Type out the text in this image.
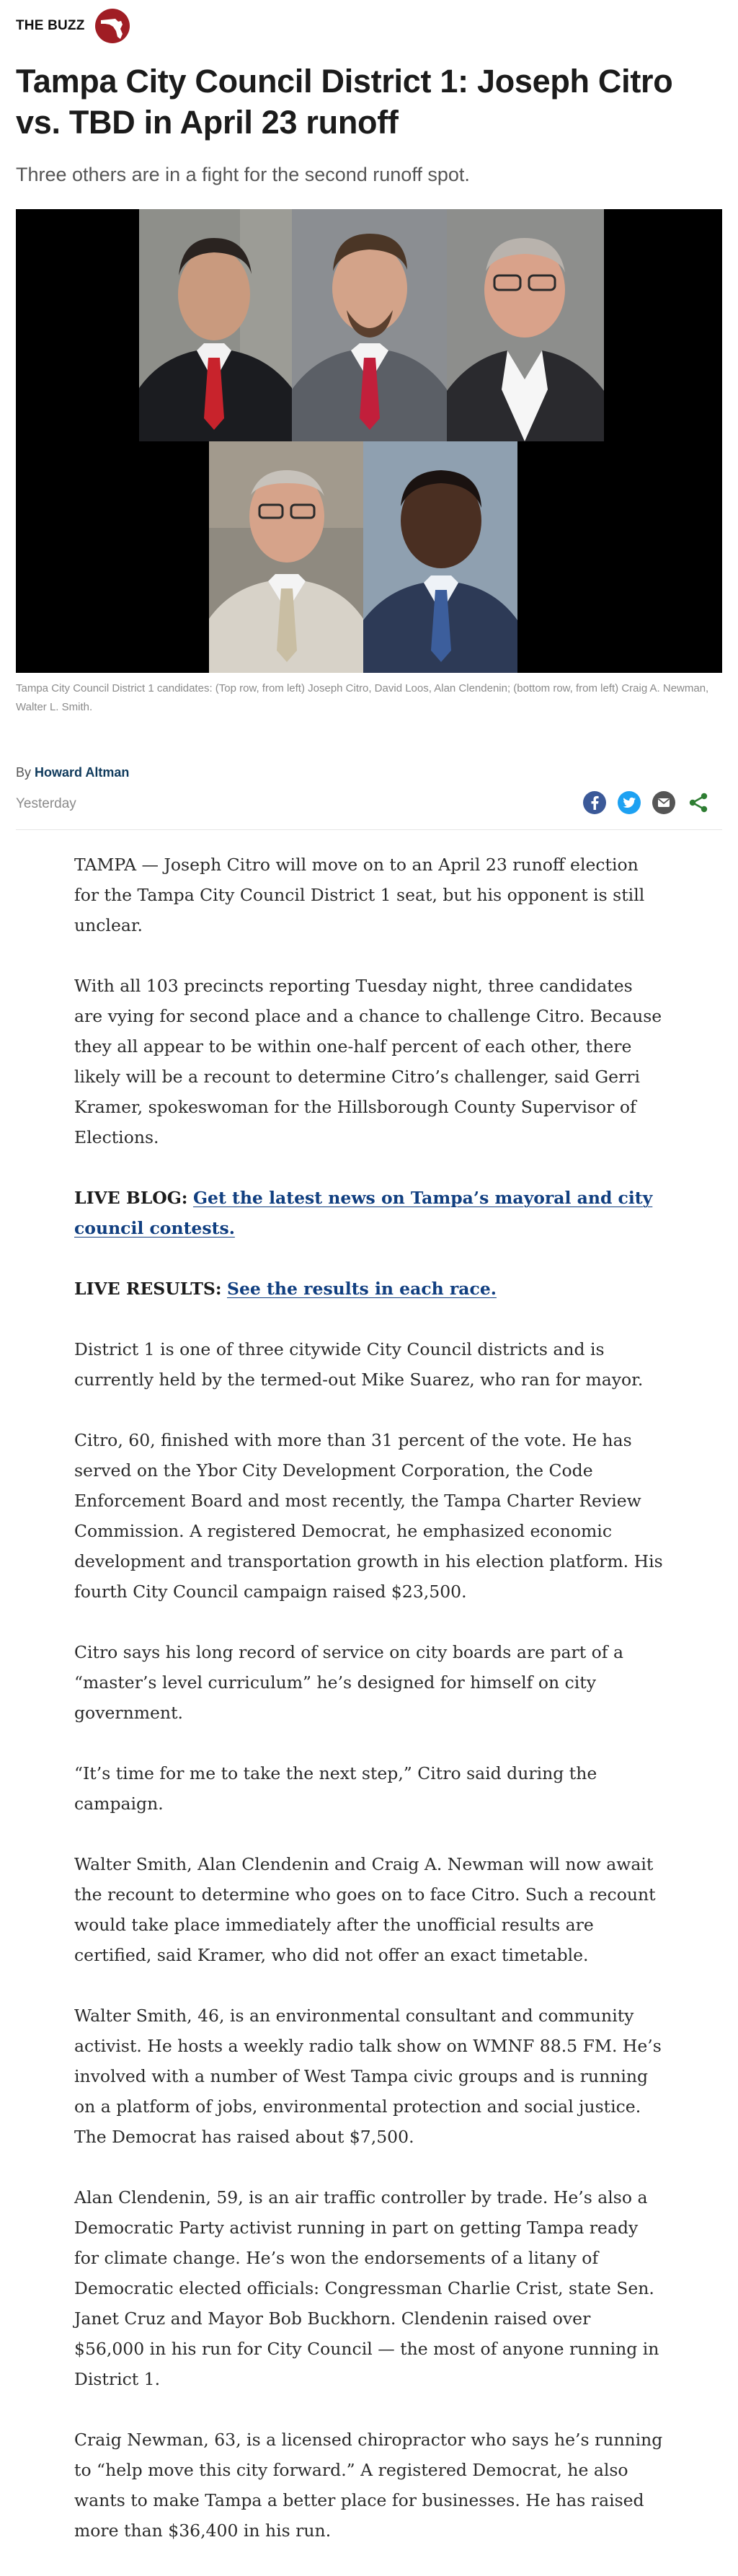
THE BUZZ
Tampa City Council District 1: Joseph Citro vs. TBD in April 23 runoff

Three others are in a fight for the second runoff spot.

Tampa City Council District 1 candidates: (Top row, from left) Joseph Citro, David Loos, Alan Clendenin; (bottom row, from left) Craig A. Newman, Walter L. Smith.

By Howard Altman
Yesterday

TAMPA — Joseph Citro will move on to an April 23 runoff election for the Tampa City Council District 1 seat, but his opponent is still unclear.

With all 103 precincts reporting Tuesday night, three candidates are vying for second place and a chance to challenge Citro. Because they all appear to be within one-half percent of each other, there likely will be a recount to determine Citro’s challenger, said Gerri Kramer, spokeswoman for the Hillsborough County Supervisor of Elections.

LIVE BLOG: Get the latest news on Tampa’s mayoral and city council contests.

LIVE RESULTS: See the results in each race.

District 1 is one of three citywide City Council districts and is currently held by the termed-out Mike Suarez, who ran for mayor.

Citro, 60, finished with more than 31 percent of the vote. He has served on the Ybor City Development Corporation, the Code Enforcement Board and most recently, the Tampa Charter Review Commission. A registered Democrat, he emphasized economic development and transportation growth in his election platform. His fourth City Council campaign raised $23,500.

Citro says his long record of service on city boards are part of a “master’s level curriculum” he’s designed for himself on city government.

“It’s time for me to take the next step,” Citro said during the campaign.

Walter Smith, Alan Clendenin and Craig A. Newman will now await the recount to determine who goes on to face Citro. Such a recount would take place immediately after the unofficial results are certified, said Kramer, who did not offer an exact timetable.

Walter Smith, 46, is an environmental consultant and community activist. He hosts a weekly radio talk show on WMNF 88.5 FM. He’s involved with a number of West Tampa civic groups and is running on a platform of jobs, environmental protection and social justice. The Democrat has raised about $7,500.

Alan Clendenin, 59, is an air traffic controller by trade. He’s also a Democratic Party activist running in part on getting Tampa ready for climate change. He’s won the endorsements of a litany of Democratic elected officials: Congressman Charlie Crist, state Sen. Janet Cruz and Mayor Bob Buckhorn. Clendenin raised over $56,000 in his run for City Council — the most of anyone running in District 1.

Craig Newman, 63, is a licensed chiropractor who says he’s running to “help move this city forward.” A registered Democrat, he also wants to make Tampa a better place for businesses. He has raised more than $36,400 in his run.
